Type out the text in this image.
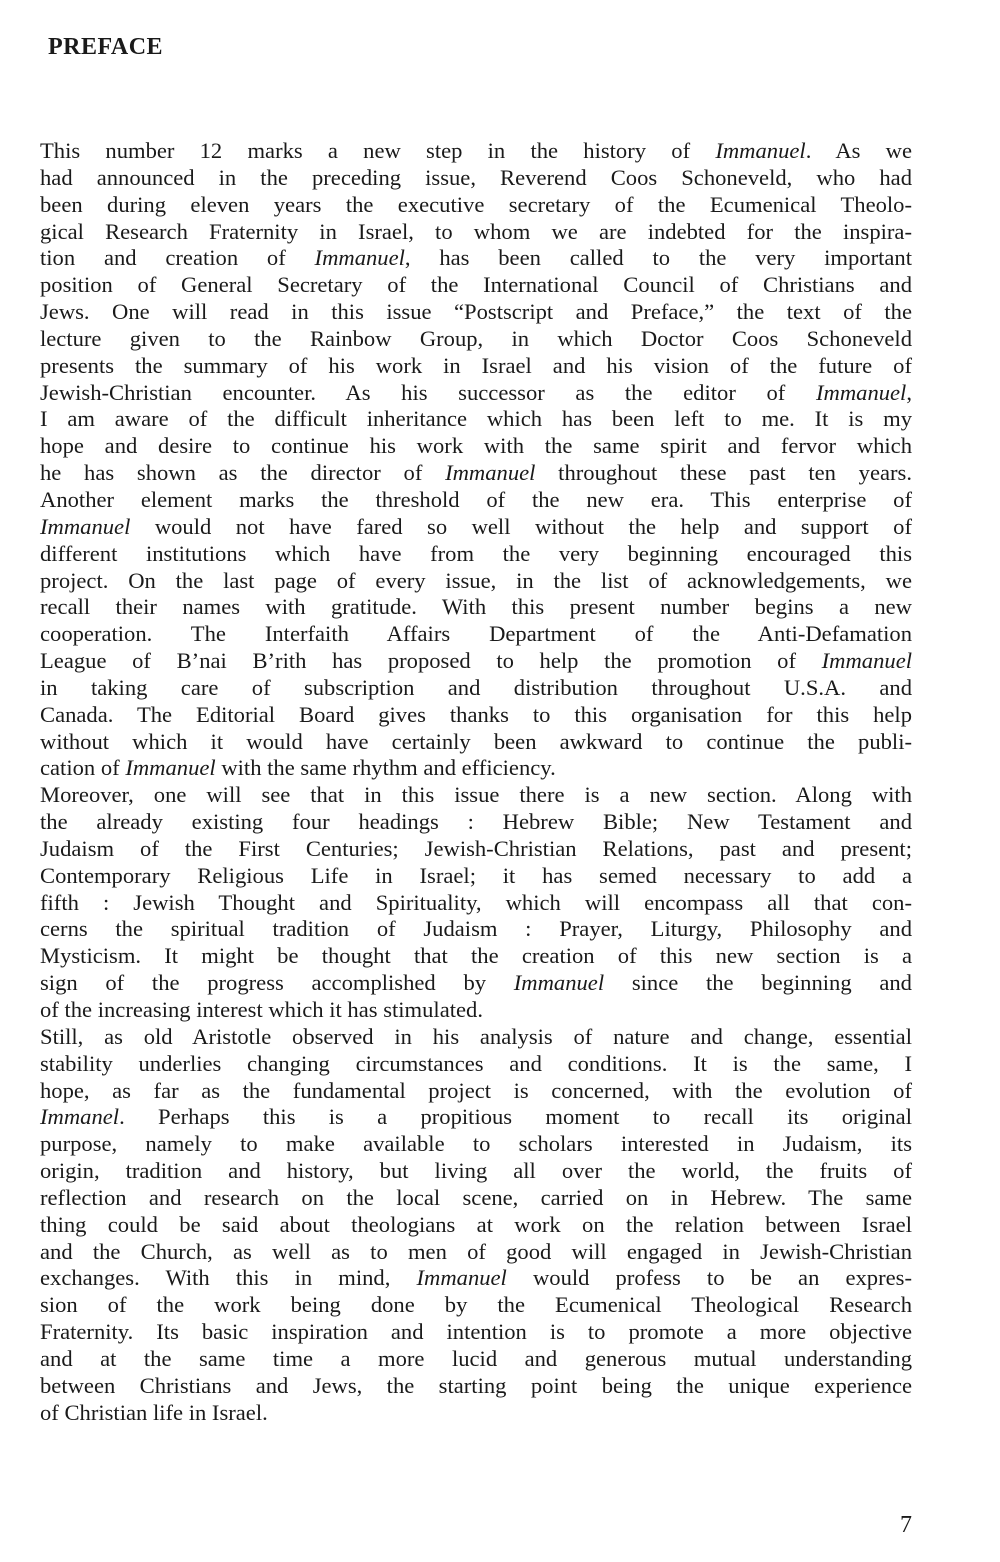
PREFACE
This number 12 marks a new step in the history of Immanuel. As we
had announced in the preceding issue, Reverend Coos Schoneveld, who had
been during eleven years the executive secretary of the Ecumenical Theolo-
gical Research Fraternity in Israel, to whom we are indebted for the inspira-
tion and creation of Immanuel, has been called to the very important
position of General Secretary of the International Council of Christians and
Jews. One will read in this issue “Postscript and Preface,” the text of the
lecture given to the Rainbow Group, in which Doctor Coos Schoneveld
presents the summary of his work in Israel and his vision of the future of
Jewish-Christian encounter. As his successor as the editor of Immanuel,
I am aware of the difficult inheritance which has been left to me. It is my
hope and desire to continue his work with the same spirit and fervor which
he has shown as the director of Immanuel throughout these past ten years.
Another element marks the threshold of the new era. This enterprise of
Immanuel would not have fared so well without the help and support of
different institutions which have from the very beginning encouraged this
project. On the last page of every issue, in the list of acknowledgements, we
recall their names with gratitude. With this present number begins a new
cooperation. The Interfaith Affairs Department of the Anti-Defamation
League of B’nai B’rith has proposed to help the promotion of Immanuel
in taking care of subscription and distribution throughout U.S.A. and
Canada. The Editorial Board gives thanks to this organisation for this help
without which it would have certainly been awkward to continue the publi-
cation of Immanuel with the same rhythm and efficiency.
Moreover, one will see that in this issue there is a new section. Along with
the already existing four headings : Hebrew Bible; New Testament and
Judaism of the First Centuries; Jewish-Christian Relations, past and present;
Contemporary Religious Life in Israel; it has semed necessary to add a
fifth : Jewish Thought and Spirituality, which will encompass all that con-
cerns the spiritual tradition of Judaism : Prayer, Liturgy, Philosophy and
Mysticism. It might be thought that the creation of this new section is a
sign of the progress accomplished by Immanuel since the beginning and
of the increasing interest which it has stimulated.
Still, as old Aristotle observed in his analysis of nature and change, essential
stability underlies changing circumstances and conditions. It is the same, I
hope, as far as the fundamental project is concerned, with the evolution of
Immanel. Perhaps this is a propitious moment to recall its original
purpose, namely to make available to scholars interested in Judaism, its
origin, tradition and history, but living all over the world, the fruits of
reflection and research on the local scene, carried on in Hebrew. The same
thing could be said about theologians at work on the relation between Israel
and the Church, as well as to men of good will engaged in Jewish-Christian
exchanges. With this in mind, Immanuel would profess to be an expres-
sion of the work being done by the Ecumenical Theological Research
Fraternity. Its basic inspiration and intention is to promote a more objective
and at the same time a more lucid and generous mutual understanding
between Christians and Jews, the starting point being the unique experience
of Christian life in Israel.
7
